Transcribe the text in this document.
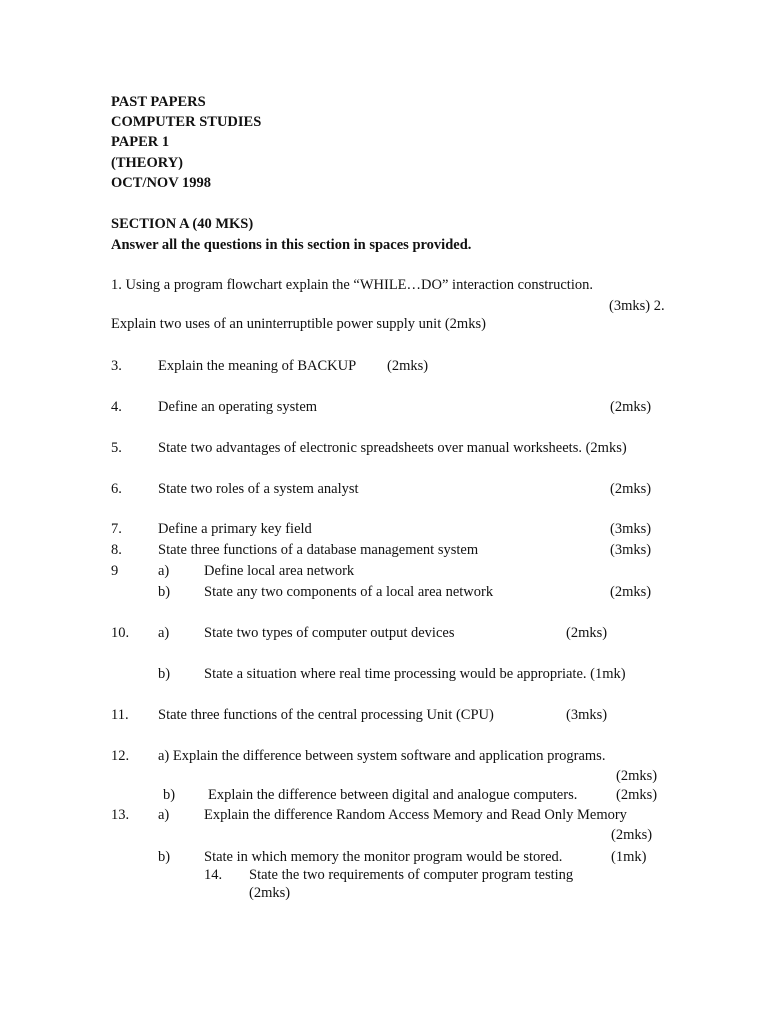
PAST PAPERS
COMPUTER STUDIES
PAPER 1
(THEORY)
OCT/NOV 1998
SECTION A (40 MKS)
Answer all the questions in this section in spaces provided.
1. Using a program flowchart explain the “WHILE…DO” interaction construction.
(3mks) 2.
Explain two uses of an uninterruptible power supply unit (2mks)
3. Explain the meaning of BACKUP (2mks)
4. Define an operating system	(2mks)
5. State two advantages of electronic spreadsheets over manual worksheets. (2mks)
6. State two roles of a system analyst	(2mks)
7. Define a primary key field	(3mks)
8. State three functions of a database management system	(3mks)
9	a) Define local area network
b) State any two components of a local area network	(2mks)
10. a) State two types of computer output devices	(2mks)
b) State a situation where real time processing would be appropriate. (1mk)
11. State three functions of the central processing Unit (CPU)	(3mks)
12. a) Explain the difference between system software and application programs.
(2mks)
b) Explain the difference between digital and analogue computers.	(2mks)
13. a) Explain the difference Random Access Memory and Read Only Memory
(2mks)
b) State in which memory the monitor program would be stored.	(1mk)
14. State the two requirements of computer program testing
(2mks)
